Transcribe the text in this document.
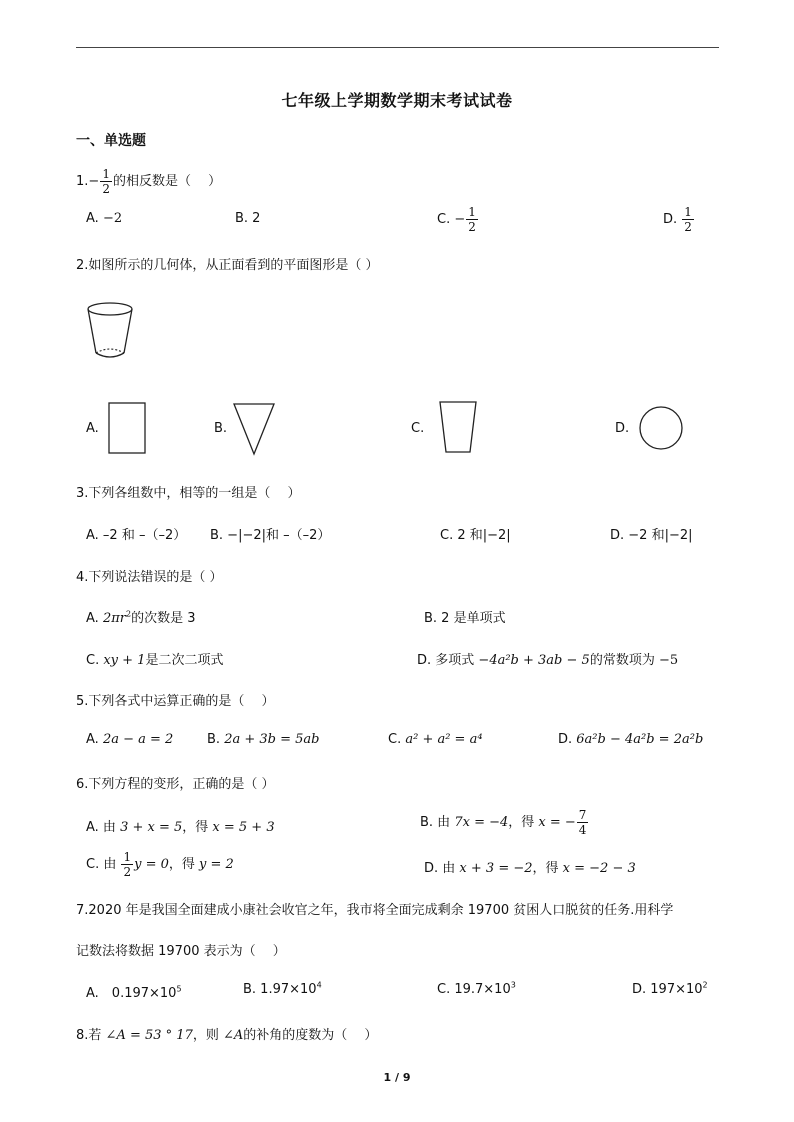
七年级上学期数学期末考试试卷
一、单选题
$1.- \frac{1}{2}$ 的相反数是（　 ）
A. −2	B. 2	C. − $\frac{1}{2}$	D. $\frac{1}{2}$
2.如图所示的几何体，从正面看到的平面图形是（ ）
A.	B.	C.	D.
3.下列各组数中，相等的一组是（　 ）
A. –2 和 –（–2） B. −|−2|和 –（–2）	C. 2 和|−2|	D. −2 和|−2|
4.下列说法错误的是（ ）
A. $2\pi r^2$的次数是 3	B. 2 是单项式
C. xy + 1是二次二项式	D. 多项式 −4a²b + 3ab − 5的常数项为 −5
5.下列各式中运算正确的是（　 ）
A. 2a − a = 2	B. 2a + 3b = 5ab	C. a² + a² = a⁴	D. 6a²b − 4a²b = 2a²b
6.下列方程的变形，正确的是（ ）
A. 由 3 + x = 5，得 x = 5 + 3	B. 由 7x = −4，得 x = − $\frac{7}{4}$
C. 由 $\frac{1}{2}$ y = 0，得 y = 2	D. 由 x + 3 = −2，得 x = −2 − 3
7.2020 年是我国全面建成小康社会收官之年，我市将全面完成剩余 19700 贫困人口脱贫的任务.用科学
记数法将数据 19700 表示为（　 ）
A.　$0.197\times 10^5$	B. $1.97\times 10^4$	C. $19.7\times 10^3$	D. $197\times 10^2$
8.若 ∠A = 53 ° 17，则 ∠A的补角的度数为（　 ）
1 / 9
